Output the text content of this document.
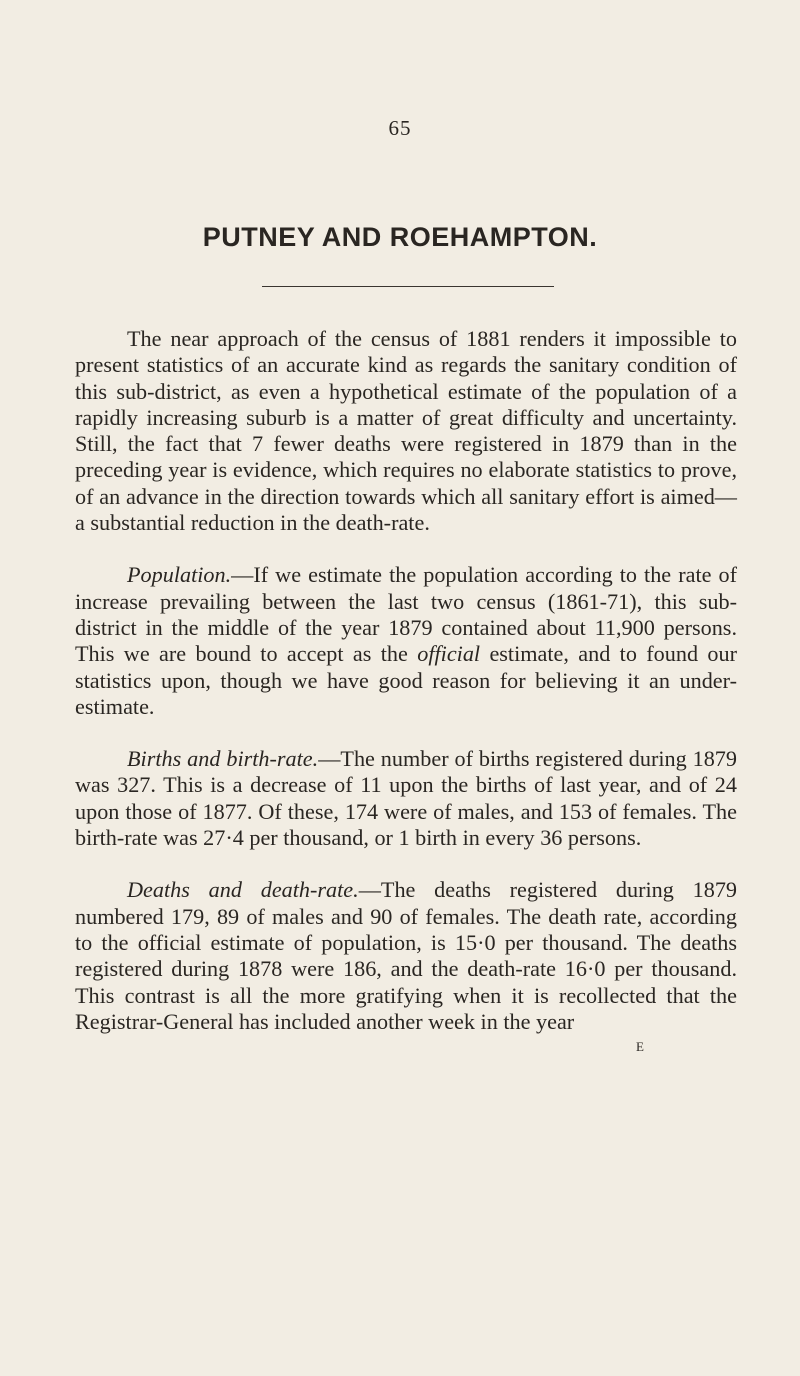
65
PUTNEY AND ROEHAMPTON.

The near approach of the census of 1881 renders it impossible to present statistics of an accurate kind as regards the sanitary condition of this sub-district, as even a hypothetical estimate of the population of a rapidly increasing suburb is a matter of great difficulty and uncertainty. Still, the fact that 7 fewer deaths were registered in 1879 than in the preceding year is evidence, which requires no elaborate statistics to prove, of an advance in the direction towards which all sanitary effort is aimed—a substantial reduction in the death-rate.

Population.—If we estimate the population according to the rate of increase prevailing between the last two census (1861-71), this sub-district in the middle of the year 1879 contained about 11,900 persons. This we are bound to accept as the official estimate, and to found our statistics upon, though we have good reason for believing it an under-estimate.

Births and birth-rate.—The number of births registered during 1879 was 327. This is a decrease of 11 upon the births of last year, and of 24 upon those of 1877. Of these, 174 were of males, and 153 of females. The birth-rate was 27·4 per thousand, or 1 birth in every 36 persons.

Deaths and death-rate.—The deaths registered during 1879 numbered 179, 89 of males and 90 of females. The death rate, according to the official estimate of population, is 15·0 per thousand. The deaths registered during 1878 were 186, and the death-rate 16·0 per thousand. This contrast is all the more gratifying when it is recollected that the Registrar-General has included another week in the year

E
